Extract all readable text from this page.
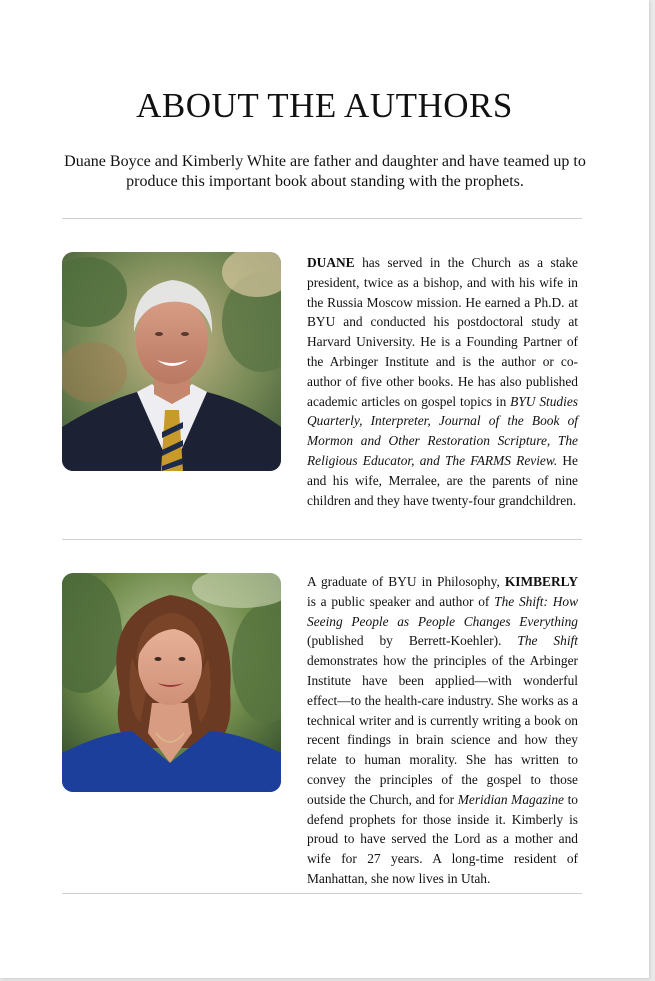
ABOUT THE AUTHORS

Duane Boyce and Kimberly White are father and daughter and have teamed up to produce this important book about standing with the prophets.

DUANE has served in the Church as a stake president, twice as a bishop, and with his wife in the Russia Moscow mission. He earned a Ph.D. at BYU and conducted his postdoctoral study at Harvard University. He is a Founding Partner of the Arbinger Institute and is the author or co-author of five other books. He has also published academic articles on gospel topics in BYU Studies Quarterly, Interpreter, Journal of the Book of Mormon and Other Restoration Scripture, The Religious Educator, and The FARMS Review. He and his wife, Merralee, are the parents of nine children and they have twenty-four grandchildren.

A graduate of BYU in Philosophy, KIMBERLY is a public speaker and author of The Shift: How Seeing People as People Changes Everything (published by Berrett-Koehler). The Shift demonstrates how the principles of the Arbinger Institute have been applied—with wonderful effect—to the health-care industry. She works as a technical writer and is currently writing a book on recent findings in brain science and how they relate to human morality. She has written to convey the principles of the gospel to those outside the Church, and for Meridian Magazine to defend prophets for those inside it. Kimberly is proud to have served the Lord as a mother and wife for 27 years. A long-time resident of Manhattan, she now lives in Utah.
